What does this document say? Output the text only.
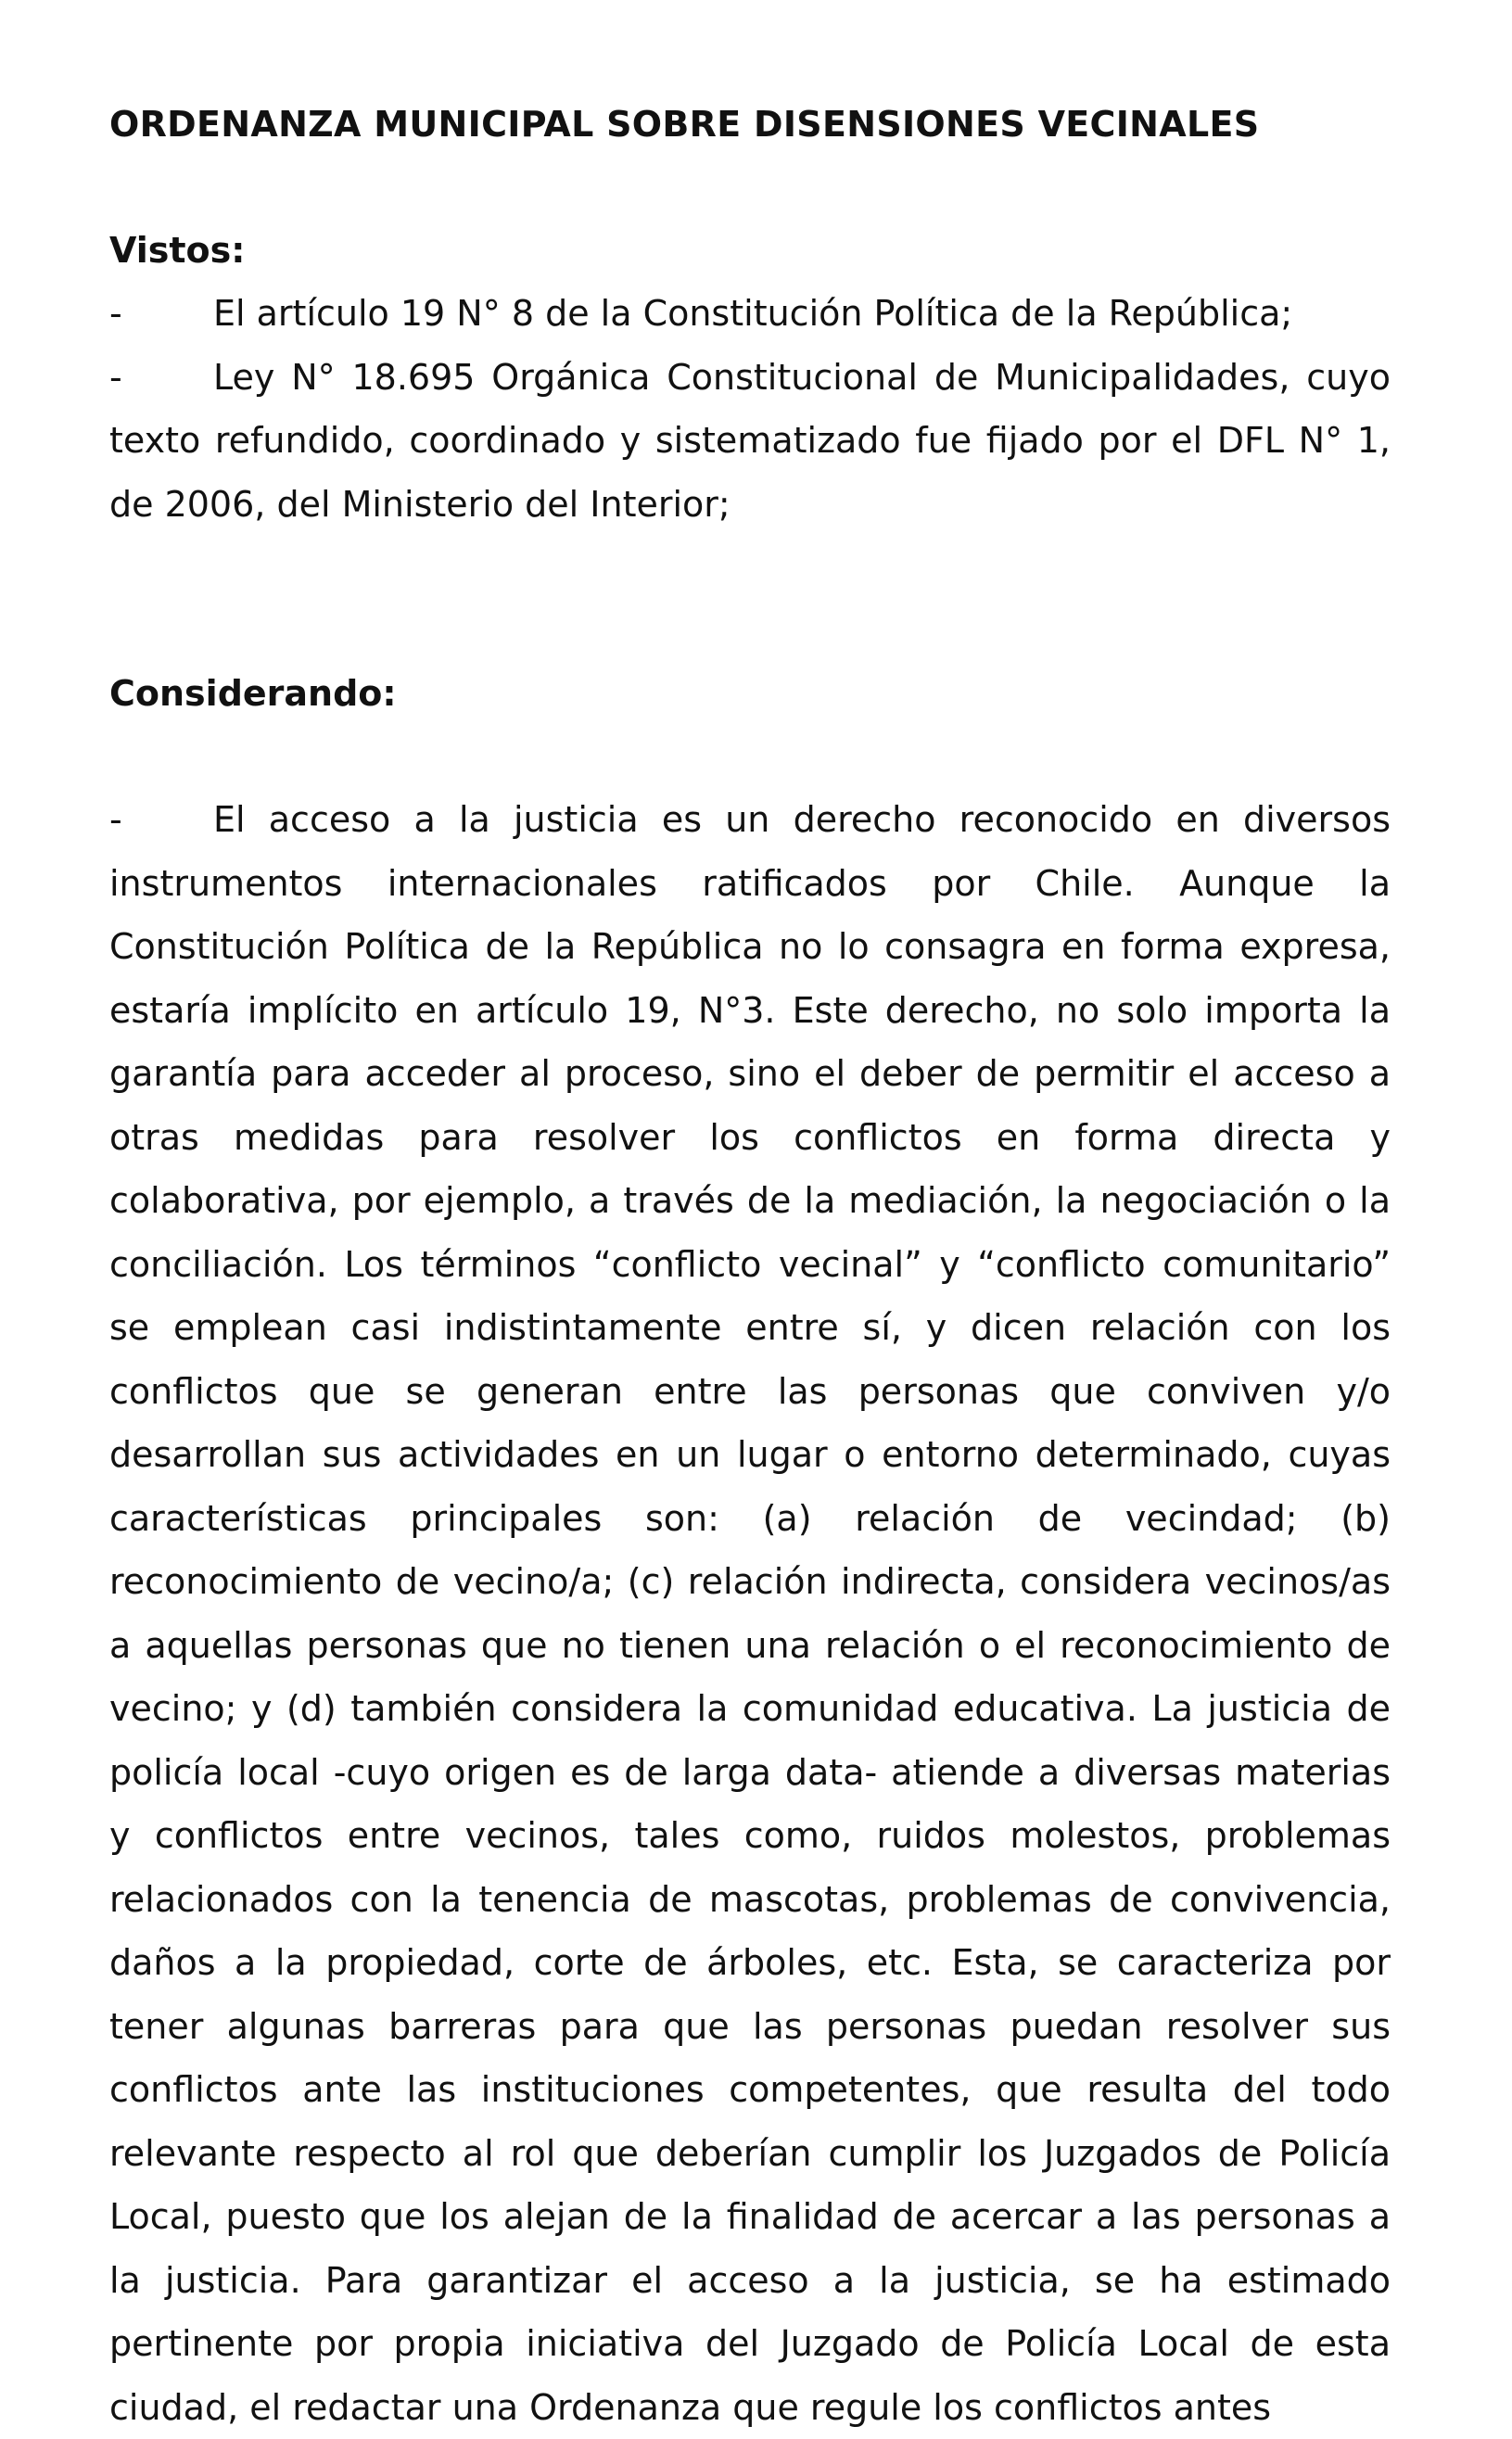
ORDENANZA MUNICIPAL SOBRE DISENSIONES VECINALES
Vistos:

-	El artículo 19 N° 8 de la Constitución Política de la República;

-	Ley N° 18.695 Orgánica Constitucional de Municipalidades, cuyo texto refundido, coordinado y sistematizado fue fijado por el DFL N° 1, de 2006, del Ministerio del Interior;

Considerando:

-	El acceso a la justicia es un derecho reconocido en diversos instrumentos internacionales ratificados por Chile. Aunque la Constitución Política de la República no lo consagra en forma expresa, estaría implícito en artículo 19, N°3. Este derecho, no solo importa la garantía para acceder al proceso, sino el deber de permitir el acceso a otras medidas para resolver los conflictos en forma directa y colaborativa, por ejemplo, a través de la mediación, la negociación o la conciliación. Los términos “conflicto vecinal” y “conflicto comunitario” se emplean casi indistintamente entre sí, y dicen relación con los conflictos que se generan entre las personas que conviven y/o desarrollan sus actividades en un lugar o entorno determinado, cuyas características principales son: (a) relación de vecindad; (b) reconocimiento de vecino/a; (c) relación indirecta, considera vecinos/as a aquellas personas que no tienen una relación o el reconocimiento de vecino; y (d) también considera la comunidad educativa. La justicia de policía local -cuyo origen es de larga data- atiende a diversas materias y conflictos entre vecinos, tales como, ruidos molestos, problemas relacionados con la tenencia de mascotas, problemas de convivencia, daños a la propiedad, corte de árboles, etc. Esta, se caracteriza por tener algunas barreras para que las personas puedan resolver sus conflictos ante las instituciones competentes, que resulta del todo relevante respecto al rol que deberían cumplir los Juzgados de Policía Local, puesto que los alejan de la finalidad de acercar a las personas a la justicia. Para garantizar el acceso a la justicia, se ha estimado pertinente por propia iniciativa del Juzgado de Policía Local de esta ciudad, el redactar una Ordenanza que regule los conflictos antes
